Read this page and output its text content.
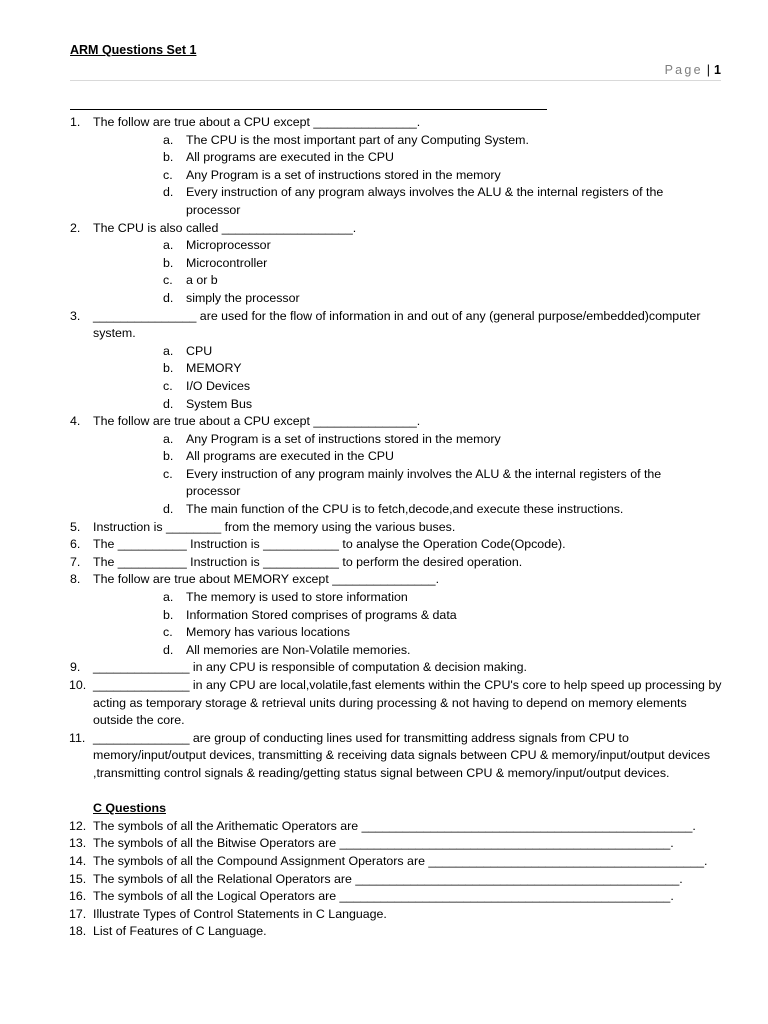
ARM Questions Set 1
Page | 1
1. The follow are true about a CPU except _______________.
a. The CPU is the most important part of any Computing System.
b. All programs are executed in the CPU
c. Any Program is a set of instructions stored in the memory
d. Every instruction of any program always involves the ALU & the internal registers of the processor
2. The CPU is also called ___________________.
a. Microprocessor
b. Microcontroller
c. a or b
d. simply the processor
3. _______________ are used for the flow of information in and out of any (general purpose/embedded)computer system.
a. CPU
b. MEMORY
c. I/O Devices
d. System Bus
4. The follow are true about a CPU except _______________.
a. Any Program is a set of instructions stored in the memory
b. All programs are executed in the CPU
c. Every instruction of any program mainly involves the ALU & the internal registers of the processor
d. The main function of the CPU is to fetch,decode,and execute these instructions.
5. Instruction is ________ from the memory using the various buses.
6. The __________ Instruction is ___________ to analyse the Operation Code(Opcode).
7. The __________ Instruction is ___________ to perform the desired operation.
8. The follow are true about MEMORY except _______________.
a. The memory is used to store information
b. Information Stored comprises of programs & data
c. Memory has various locations
d. All memories are Non-Volatile memories.
9. ______________ in any CPU is responsible of computation & decision making.
10. ______________ in any CPU are local,volatile,fast elements within the CPU's core to help speed up processing by acting as temporary storage & retrieval units during processing & not having to depend on memory elements outside the core.
11. ______________ are group of conducting lines used for transmitting address signals from CPU to memory/input/output devices, transmitting & receiving data signals between CPU & memory/input/output devices ,transmitting control signals & reading/getting status signal between CPU & memory/input/output devices.
C Questions
12. The symbols of all the Arithematic Operators are ________________________________________________.
13. The symbols of all the Bitwise Operators are ________________________________________________.
14. The symbols of all the Compound Assignment Operators are ________________________________________.
15. The symbols of all the Relational Operators are _______________________________________________.
16. The symbols of all the Logical Operators are ________________________________________________.
17. Illustrate Types of Control Statements in C Language.
18. List of Features of C Language.
